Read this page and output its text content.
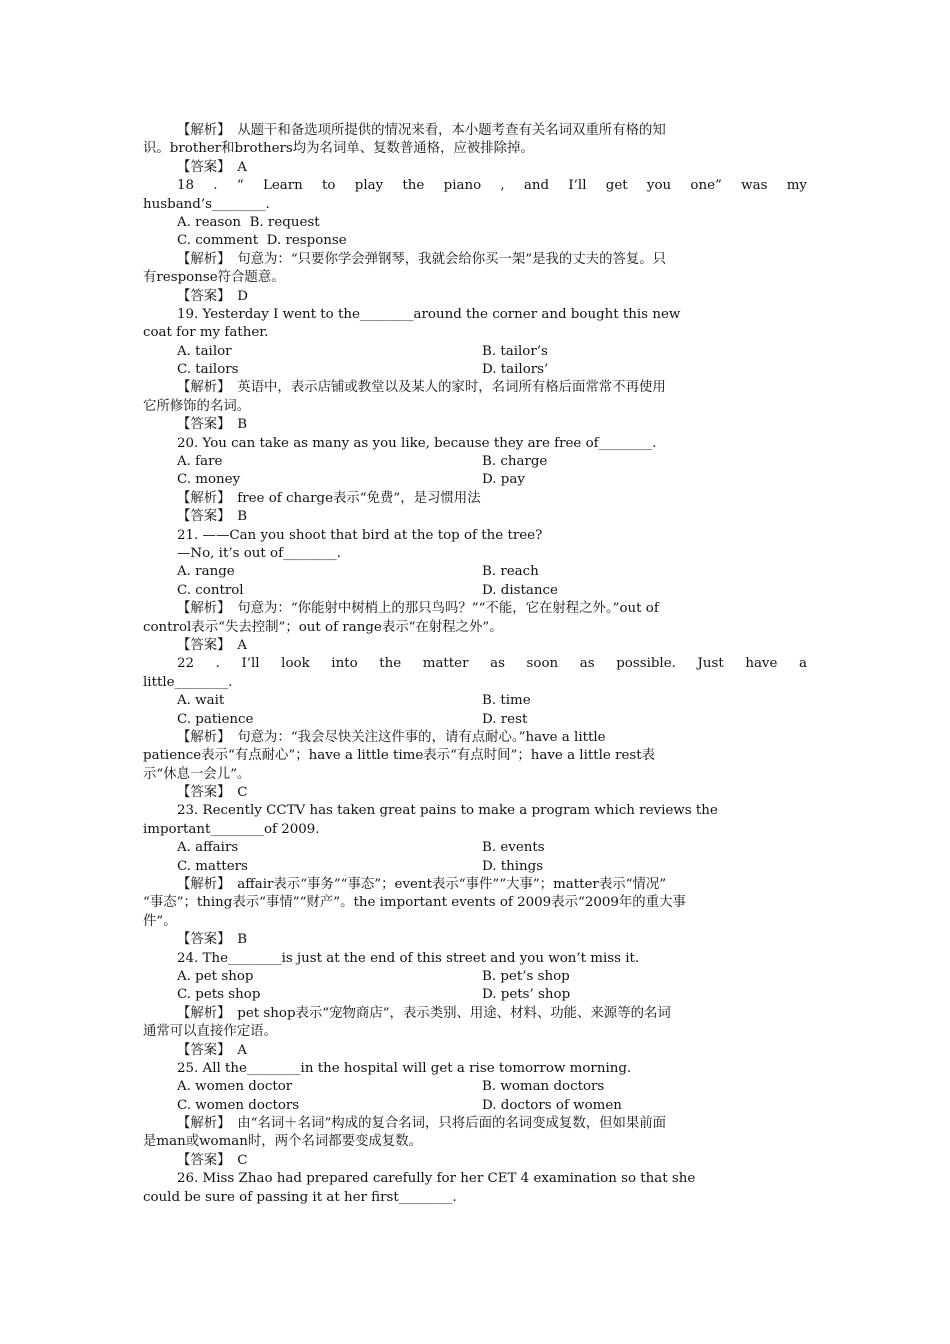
【解析】　从题干和备选项所提供的情况来看，本小题考查有关名词双重所有格的知
识。brother和brothers均为名词单、复数普通格，应被排除掉。
【答案】　A
18 . “ Learn to play the piano , and I’ll get you one” was my
husband’s________.
A. reason  B. request
C. comment  D. response
【解析】　句意为：“只要你学会弹钢琴，我就会给你买一架”是我的丈夫的答复。只
有response符合题意。
【答案】　D
19. Yesterday I went to the________around the corner and bought this new
coat for my father.
A. tailor	B. tailor’s
C. tailors	D. tailors’
【解析】　英语中，表示店铺或教堂以及某人的家时，名词所有格后面常常不再使用
它所修饰的名词。
【答案】　B
20. You can take as many as you like, because they are free of________.
A. fare	B. charge
C. money	D. pay
【解析】　free of charge表示“免费”，是习惯用法
【答案】　B
21. ——Can you shoot that bird at the top of the tree?
—No, it’s out of________.
A. range	B. reach
C. control	D. distance
【解析】　句意为：“你能射中树梢上的那只鸟吗？”“不能，它在射程之外。”out of
control表示“失去控制”；out of range表示“在射程之外”。
【答案】　A
22 . I’ll look into the matter as soon as possible. Just have a
little________.
A. wait	B. time
C. patience	D. rest
【解析】　句意为：“我会尽快关注这件事的，请有点耐心。”have a little
patience表示“有点耐心”；have a little time表示“有点时间”；have a little rest表
示“休息一会儿”。
【答案】　C
23. Recently CCTV has taken great pains to make a program which reviews the
important________of 2009.
A. affairs	B. events
C. matters	D. things
【解析】　affair表示“事务”“事态”；event表示“事件”“大事”；matter表示“情况”
“事态”；thing表示“事情”“财产”。the important events of 2009表示“2009年的重大事
件”。
【答案】　B
24. The________is just at the end of this street and you won’t miss it.
A. pet shop	B. pet’s shop
C. pets shop	D. pets’ shop
【解析】　pet shop表示“宠物商店”，表示类别、用途、材料、功能、来源等的名词
通常可以直接作定语。
【答案】　A
25. All the________in the hospital will get a rise tomorrow morning.
A. women doctor	B. woman doctors
C. women doctors	D. doctors of women
【解析】　由“名词＋名词”构成的复合名词，只将后面的名词变成复数，但如果前面
是man或woman时，两个名词都要变成复数。
【答案】　C
26. Miss Zhao had prepared carefully for her CET 4 examination so that she
could be sure of passing it at her first________.
